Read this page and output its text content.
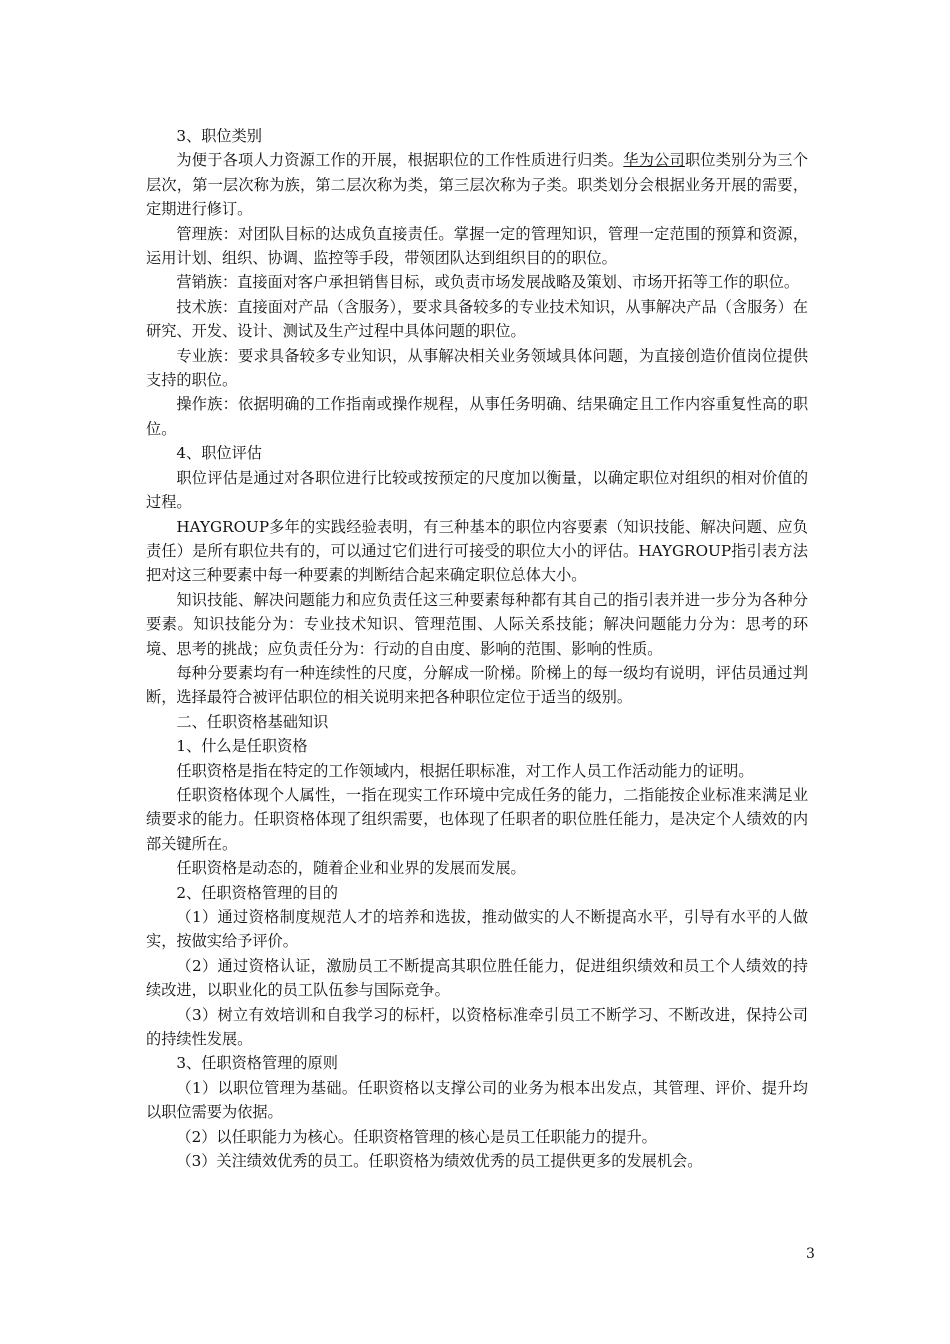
3、职位类别

为便于各项人力资源工作的开展，根据职位的工作性质进行归类。华为公司职位类别分为三个层次，第一层次称为族，第二层次称为类，第三层次称为子类。职类划分会根据业务开展的需要，定期进行修订。

管理族：对团队目标的达成负直接责任。掌握一定的管理知识，管理一定范围的预算和资源，运用计划、组织、协调、监控等手段，带领团队达到组织目的的职位。

营销族：直接面对客户承担销售目标，或负责市场发展战略及策划、市场开拓等工作的职位。

技术族：直接面对产品（含服务），要求具备较多的专业技术知识，从事解决产品（含服务）在研究、开发、设计、测试及生产过程中具体问题的职位。

专业族：要求具备较多专业知识，从事解决相关业务领域具体问题，为直接创造价值岗位提供支持的职位。

操作族：依据明确的工作指南或操作规程，从事任务明确、结果确定且工作内容重复性高的职位。

4、职位评估

职位评估是通过对各职位进行比较或按预定的尺度加以衡量，以确定职位对组织的相对价值的过程。

HAYGROUP多年的实践经验表明，有三种基本的职位内容要素（知识技能、解决问题、应负责任）是所有职位共有的，可以通过它们进行可接受的职位大小的评估。HAYGROUP指引表方法把对这三种要素中每一种要素的判断结合起来确定职位总体大小。

知识技能、解决问题能力和应负责任这三种要素每种都有其自己的指引表并进一步分为各种分要素。知识技能分为：专业技术知识、管理范围、人际关系技能；解决问题能力分为：思考的环境、思考的挑战；应负责任分为：行动的自由度、影响的范围、影响的性质。

每种分要素均有一种连续性的尺度，分解成一阶梯。阶梯上的每一级均有说明，评估员通过判断，选择最符合被评估职位的相关说明来把各种职位定位于适当的级别。

二、任职资格基础知识

1、什么是任职资格

任职资格是指在特定的工作领域内，根据任职标准，对工作人员工作活动能力的证明。

任职资格体现个人属性，一指在现实工作环境中完成任务的能力，二指能按企业标准来满足业绩要求的能力。任职资格体现了组织需要，也体现了任职者的职位胜任能力，是决定个人绩效的内部关键所在。

任职资格是动态的，随着企业和业界的发展而发展。

2、任职资格管理的目的

（1）通过资格制度规范人才的培养和选拔，推动做实的人不断提高水平，引导有水平的人做实，按做实给予评价。

（2）通过资格认证，激励员工不断提高其职位胜任能力，促进组织绩效和员工个人绩效的持续改进，以职业化的员工队伍参与国际竞争。

（3）树立有效培训和自我学习的标杆，以资格标准牵引员工不断学习、不断改进，保持公司的持续性发展。

3、任职资格管理的原则

（1）以职位管理为基础。任职资格以支撑公司的业务为根本出发点，其管理、评价、提升均以职位需要为依据。

（2）以任职能力为核心。任职资格管理的核心是员工任职能力的提升。

（3）关注绩效优秀的员工。任职资格为绩效优秀的员工提供更多的发展机会。

3
